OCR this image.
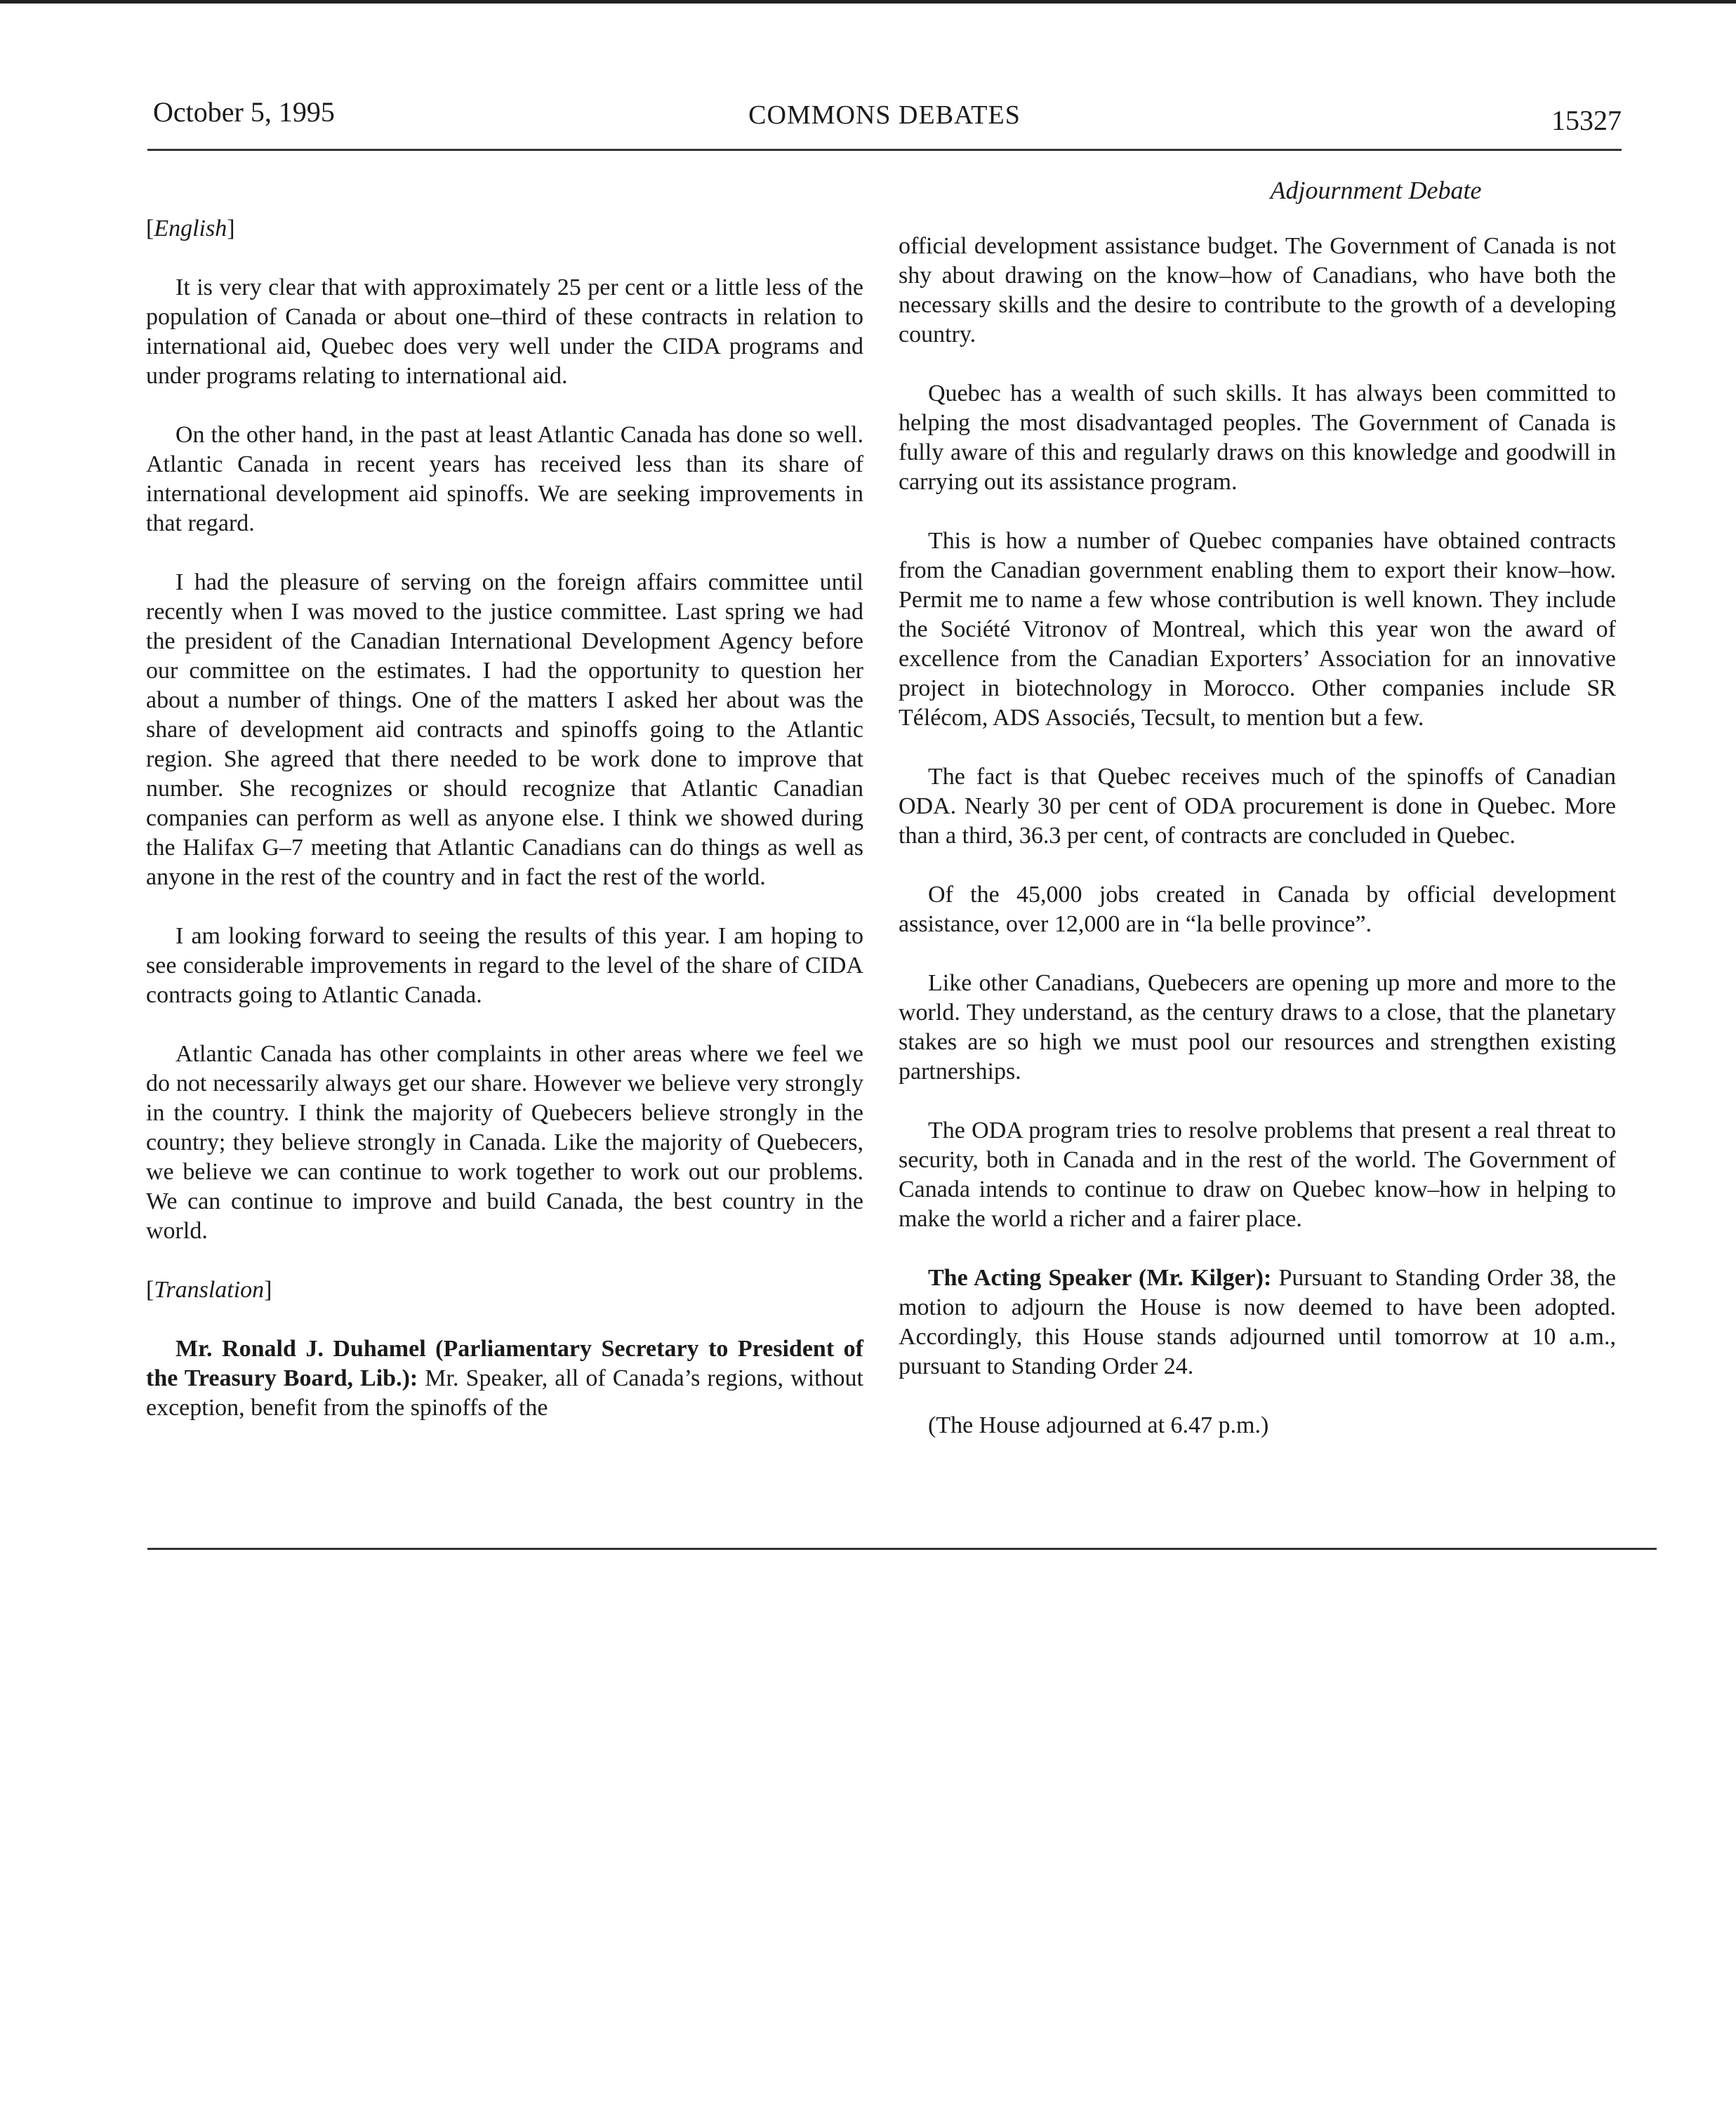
October 5, 1995	COMMONS DEBATES	15327
Adjournment Debate

[English]

It is very clear that with approximately 25 per cent or a little less of the population of Canada or about one–third of these contracts in relation to international aid, Quebec does very well under the CIDA programs and under programs relating to international aid.

On the other hand, in the past at least Atlantic Canada has done so well. Atlantic Canada in recent years has received less than its share of international development aid spinoffs. We are seeking improvements in that regard.

I had the pleasure of serving on the foreign affairs committee until recently when I was moved to the justice committee. Last spring we had the president of the Canadian International Development Agency before our committee on the estimates. I had the opportunity to question her about a number of things. One of the matters I asked her about was the share of development aid contracts and spinoffs going to the Atlantic region. She agreed that there needed to be work done to improve that number. She recognizes or should recognize that Atlantic Canadian companies can perform as well as anyone else. I think we showed during the Halifax G–7 meeting that Atlantic Canadians can do things as well as anyone in the rest of the country and in fact the rest of the world.

I am looking forward to seeing the results of this year. I am hoping to see considerable improvements in regard to the level of the share of CIDA contracts going to Atlantic Canada.

Atlantic Canada has other complaints in other areas where we feel we do not necessarily always get our share. However we believe very strongly in the country. I think the majority of Quebecers believe strongly in the country; they believe strongly in Canada. Like the majority of Quebecers, we believe we can continue to work together to work out our problems. We can continue to improve and build Canada, the best country in the world.

[Translation]

Mr. Ronald J. Duhamel (Parliamentary Secretary to President of the Treasury Board, Lib.): Mr. Speaker, all of Canada’s regions, without exception, benefit from the spinoffs of the

official development assistance budget. The Government of Canada is not shy about drawing on the know–how of Canadians, who have both the necessary skills and the desire to contribute to the growth of a developing country.

Quebec has a wealth of such skills. It has always been committed to helping the most disadvantaged peoples. The Government of Canada is fully aware of this and regularly draws on this knowledge and goodwill in carrying out its assistance program.

This is how a number of Quebec companies have obtained contracts from the Canadian government enabling them to export their know–how. Permit me to name a few whose contribution is well known. They include the Société Vitronov of Montreal, which this year won the award of excellence from the Canadian Exporters’ Association for an innovative project in biotechnology in Morocco. Other companies include SR Télécom, ADS Associés, Tecsult, to mention but a few.

The fact is that Quebec receives much of the spinoffs of Canadian ODA. Nearly 30 per cent of ODA procurement is done in Quebec. More than a third, 36.3 per cent, of contracts are concluded in Quebec.

Of the 45,000 jobs created in Canada by official development assistance, over 12,000 are in “la belle province”.

Like other Canadians, Quebecers are opening up more and more to the world. They understand, as the century draws to a close, that the planetary stakes are so high we must pool our resources and strengthen existing partnerships.

The ODA program tries to resolve problems that present a real threat to security, both in Canada and in the rest of the world. The Government of Canada intends to continue to draw on Quebec know–how in helping to make the world a richer and a fairer place.

The Acting Speaker (Mr. Kilger): Pursuant to Standing Order 38, the motion to adjourn the House is now deemed to have been adopted. Accordingly, this House stands adjourned until tomorrow at 10 a.m., pursuant to Standing Order 24.

(The House adjourned at 6.47 p.m.)
